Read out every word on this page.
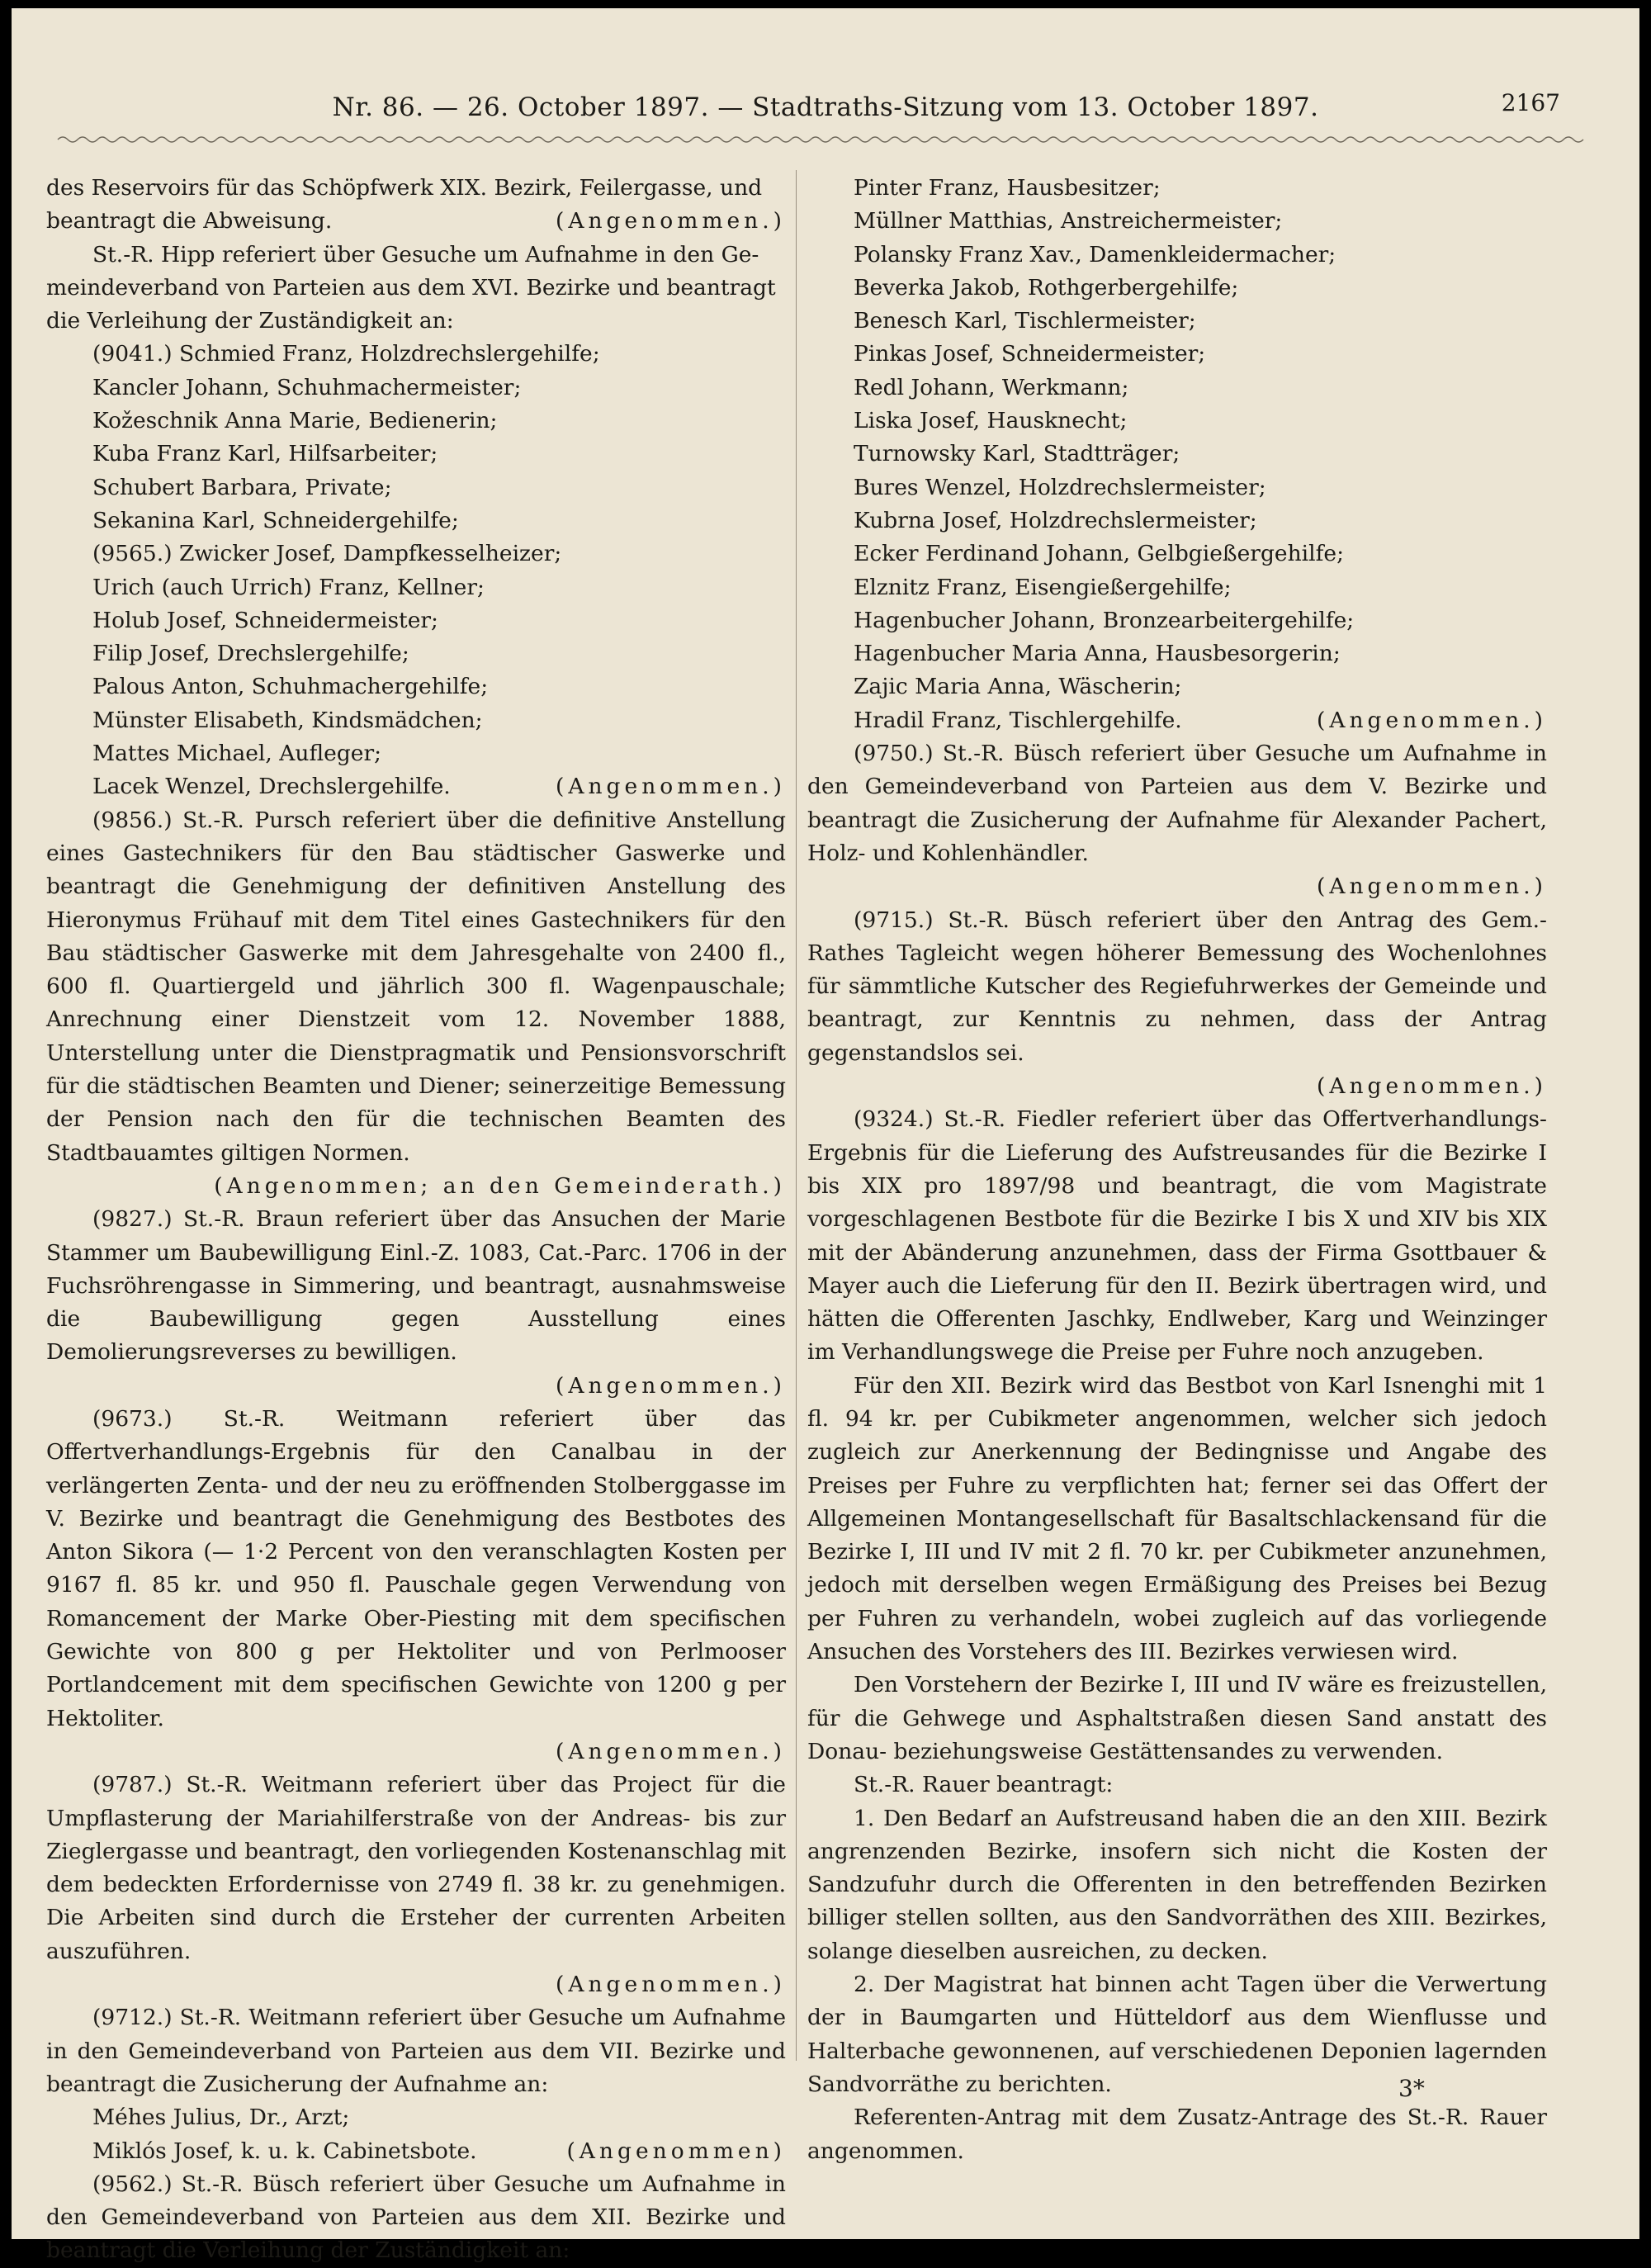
Nr. 86. — 26. October 1897. — Stadtraths-Sitzung vom 13. October 1897.	2167
des Reservoirs für das Schöpfwerk XIX. Bezirk, Feilergasse, und
beantragt die Abweisung.	(Angenommen.)
St.-R. Hipp referiert über Gesuche um Aufnahme in den Ge-
meindeverband von Parteien aus dem XVI. Bezirke und beantragt
die Verleihung der Zuständigkeit an:
(9041.) Schmied Franz, Holzdrechslergehilfe;
Kancler Johann, Schuhmachermeister;
Kožeschnik Anna Marie, Bedienerin;
Kuba Franz Karl, Hilfsarbeiter;
Schubert Barbara, Private;
Sekanina Karl, Schneidergehilfe;
(9565.) Zwicker Josef, Dampfkesselheizer;
Urich (auch Urrich) Franz, Kellner;
Holub Josef, Schneidermeister;
Filip Josef, Drechslergehilfe;
Palous Anton, Schuhmachergehilfe;
Münster Elisabeth, Kindsmädchen;
Mattes Michael, Aufleger;
Lacek Wenzel, Drechslergehilfe.	(Angenommen.)

(9856.) St.-R. Pursch referiert über die definitive Anstellung eines Gastechnikers für den Bau städtischer Gaswerke und beantragt die Genehmigung der definitiven Anstellung des Hieronymus Frühauf mit dem Titel eines Gastechnikers für den Bau städtischer Gaswerke mit dem Jahresgehalte von 2400 fl., 600 fl. Quartiergeld und jährlich 300 fl. Wagenpauschale; Anrechnung einer Dienstzeit vom 12. November 1888, Unterstellung unter die Dienstpragmatik und Pensionsvorschrift für die städtischen Beamten und Diener; seinerzeitige Bemessung der Pension nach den für die technischen Beamten des Stadtbauamtes giltigen Normen.

(Angenommen; an den Gemeinderath.)

(9827.) St.-R. Braun referiert über das Ansuchen der Marie Stammer um Baubewilligung Einl.-Z. 1083, Cat.-Parc. 1706 in der Fuchsröhrengasse in Simmering, und beantragt, ausnahmsweise die Baubewilligung gegen Ausstellung eines Demolierungsreverses zu bewilligen.

(Angenommen.)

(9673.) St.-R. Weitmann referiert über das Offertverhandlungs-Ergebnis für den Canalbau in der verlängerten Zenta- und der neu zu eröffnenden Stolberggasse im V. Bezirke und beantragt die Genehmigung des Bestbotes des Anton Sikora (— 1·2 Percent von den veranschlagten Kosten per 9167 fl. 85 kr. und 950 fl. Pauschale gegen Verwendung von Romancement der Marke Ober-Piesting mit dem specifischen Gewichte von 800 g per Hektoliter und von Perlmooser Portlandcement mit dem specifischen Gewichte von 1200 g per Hektoliter.

(Angenommen.)

(9787.) St.-R. Weitmann referiert über das Project für die Umpflasterung der Mariahilferstraße von der Andreas- bis zur Zieglergasse und beantragt, den vorliegenden Kostenanschlag mit dem bedeckten Erfordernisse von 2749 fl. 38 kr. zu genehmigen. Die Arbeiten sind durch die Ersteher der currenten Arbeiten auszuführen.

(Angenommen.)

(9712.) St.-R. Weitmann referiert über Gesuche um Aufnahme in den Gemeindeverband von Parteien aus dem VII. Bezirke und beantragt die Zusicherung der Aufnahme an:

Méhes Julius, Dr., Arzt;
Miklós Josef, k. u. k. Cabinetsbote.	(Angenommen)

(9562.) St.-R. Büsch referiert über Gesuche um Aufnahme in den Gemeindeverband von Parteien aus dem XII. Bezirke und beantragt die Verleihung der Zuständigkeit an:

Pinter Franz, Hausbesitzer;
Müllner Matthias, Anstreichermeister;
Polansky Franz Xav., Damenkleidermacher;
Beverka Jakob, Rothgerbergehilfe;
Benesch Karl, Tischlermeister;
Pinkas Josef, Schneidermeister;
Redl Johann, Werkmann;
Liska Josef, Hausknecht;
Turnowsky Karl, Stadtträger;
Bures Wenzel, Holzdrechslermeister;
Kubrna Josef, Holzdrechslermeister;
Ecker Ferdinand Johann, Gelbgießergehilfe;
Elznitz Franz, Eisengießergehilfe;
Hagenbucher Johann, Bronzearbeitergehilfe;
Hagenbucher Maria Anna, Hausbesorgerin;
Zajic Maria Anna, Wäscherin;
Hradil Franz, Tischlergehilfe.	(Angenommen.)

(9750.) St.-R. Büsch referiert über Gesuche um Aufnahme in den Gemeindeverband von Parteien aus dem V. Bezirke und beantragt die Zusicherung der Aufnahme für Alexander Pachert, Holz- und Kohlenhändler.

(Angenommen.)

(9715.) St.-R. Büsch referiert über den Antrag des Gem.-Rathes Tagleicht wegen höherer Bemessung des Wochenlohnes für sämmtliche Kutscher des Regiefuhrwerkes der Gemeinde und beantragt, zur Kenntnis zu nehmen, dass der Antrag gegenstandslos sei.

(Angenommen.)

(9324.) St.-R. Fiedler referiert über das Offertverhandlungs-Ergebnis für die Lieferung des Aufstreusandes für die Bezirke I bis XIX pro 1897/98 und beantragt, die vom Magistrate vorgeschlagenen Bestbote für die Bezirke I bis X und XIV bis XIX mit der Abänderung anzunehmen, dass der Firma Gsottbauer & Mayer auch die Lieferung für den II. Bezirk übertragen wird, und hätten die Offerenten Jaschky, Endlweber, Karg und Weinzinger im Verhandlungswege die Preise per Fuhre noch anzugeben.

Für den XII. Bezirk wird das Bestbot von Karl Isnenghi mit 1 fl. 94 kr. per Cubikmeter angenommen, welcher sich jedoch zugleich zur Anerkennung der Bedingnisse und Angabe des Preises per Fuhre zu verpflichten hat; ferner sei das Offert der Allgemeinen Montangesellschaft für Basaltschlackensand für die Bezirke I, III und IV mit 2 fl. 70 kr. per Cubikmeter anzunehmen, jedoch mit derselben wegen Ermäßigung des Preises bei Bezug per Fuhren zu verhandeln, wobei zugleich auf das vorliegende Ansuchen des Vorstehers des III. Bezirkes verwiesen wird.

Den Vorstehern der Bezirke I, III und IV wäre es freizustellen, für die Gehwege und Asphaltstraßen diesen Sand anstatt des Donau- beziehungsweise Gestättensandes zu verwenden.

St.-R. Rauer beantragt:

1. Den Bedarf an Aufstreusand haben die an den XIII. Bezirk angrenzenden Bezirke, insofern sich nicht die Kosten der Sandzufuhr durch die Offerenten in den betreffenden Bezirken billiger stellen sollten, aus den Sandvorräthen des XIII. Bezirkes, solange dieselben ausreichen, zu decken.

2. Der Magistrat hat binnen acht Tagen über die Verwertung der in Baumgarten und Hütteldorf aus dem Wienflusse und Halterbache gewonnenen, auf verschiedenen Deponien lagernden Sandvorräthe zu berichten.

Referenten-Antrag mit dem Zusatz-Antrage des St.-R. Rauer angenommen.

3*
